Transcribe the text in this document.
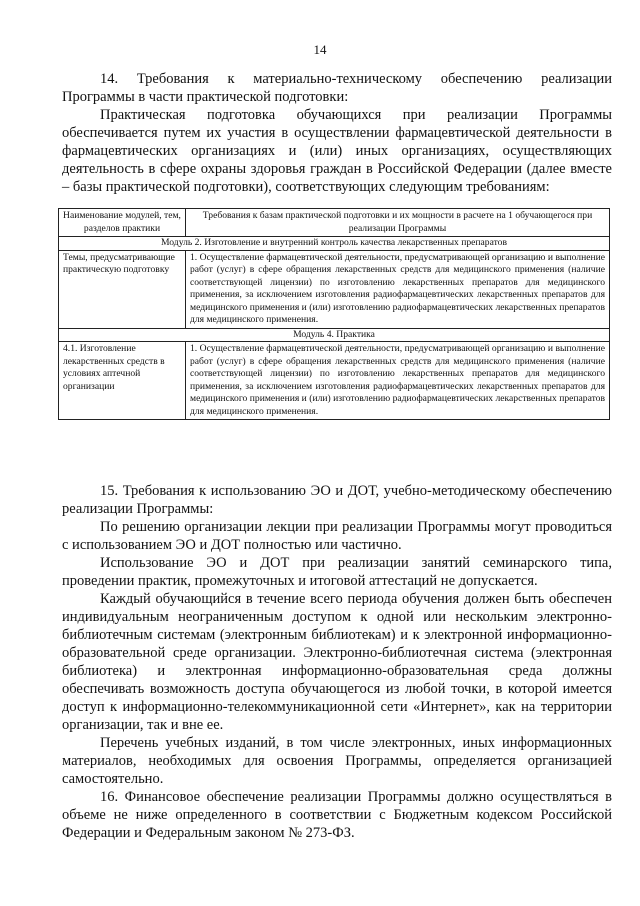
14

14. Требования к материально-техническому обеспечению реализации Программы в части практической подготовки:

Практическая подготовка обучающихся при реализации Программы обеспечивается путем их участия в осуществлении фармацевтической деятельности в фармацевтических организациях и (или) иных организациях, осуществляющих деятельность в сфере охраны здоровья граждан в Российской Федерации (далее вместе – базы практической подготовки), соответствующих следующим требованиям:

Наименование модулей, тем, разделов практики	Требования к базам практической подготовки и их мощности в расчете на 1 обучающегося при реализации Программы
Модуль 2. Изготовление и внутренний контроль качества лекарственных препаратов	
Темы, предусматривающие практическую подготовку	1. Осуществление фармацевтической деятельности, предусматривающей организацию и выполнение работ (услуг) в сфере обращения лекарственных средств для медицинского применения (наличие соответствующей лицензии) по изготовлению лекарственных препаратов для медицинского применения, за исключением изготовления радиофармацевтических лекарственных препаратов для медицинского применения и (или) изготовлению радиофармацевтических лекарственных препаратов для медицинского применения.
Модуль 4. Практика	
4.1. Изготовление лекарственных средств в условиях аптечной организации	1. Осуществление фармацевтической деятельности, предусматривающей организацию и выполнение работ (услуг) в сфере обращения лекарственных средств для медицинского применения (наличие соответствующей лицензии) по изготовлению лекарственных препаратов для медицинского применения, за исключением изготовления радиофармацевтических лекарственных препаратов для медицинского применения и (или) изготовлению радиофармацевтических лекарственных препаратов для медицинского применения.

15. Требования к использованию ЭО и ДОТ, учебно-методическому обеспечению реализации Программы:

По решению организации лекции при реализации Программы могут проводиться с использованием ЭО и ДОТ полностью или частично.

Использование ЭО и ДОТ при реализации занятий семинарского типа, проведении практик, промежуточных и итоговой аттестаций не допускается.

Каждый обучающийся в течение всего периода обучения должен быть обеспечен индивидуальным неограниченным доступом к одной или нескольким электронно-библиотечным системам (электронным библиотекам) и к электронной информационно-образовательной среде организации. Электронно-библиотечная система (электронная библиотека) и электронная информационно-образовательная среда должны обеспечивать возможность доступа обучающегося из любой точки, в которой имеется доступ к информационно-телекоммуникационной сети «Интернет», как на территории организации, так и вне ее.

Перечень учебных изданий, в том числе электронных, иных информационных материалов, необходимых для освоения Программы, определяется организацией самостоятельно.

16. Финансовое обеспечение реализации Программы должно осуществляться в объеме не ниже определенного в соответствии с Бюджетным кодексом Российской Федерации и Федеральным законом № 273-ФЗ.
